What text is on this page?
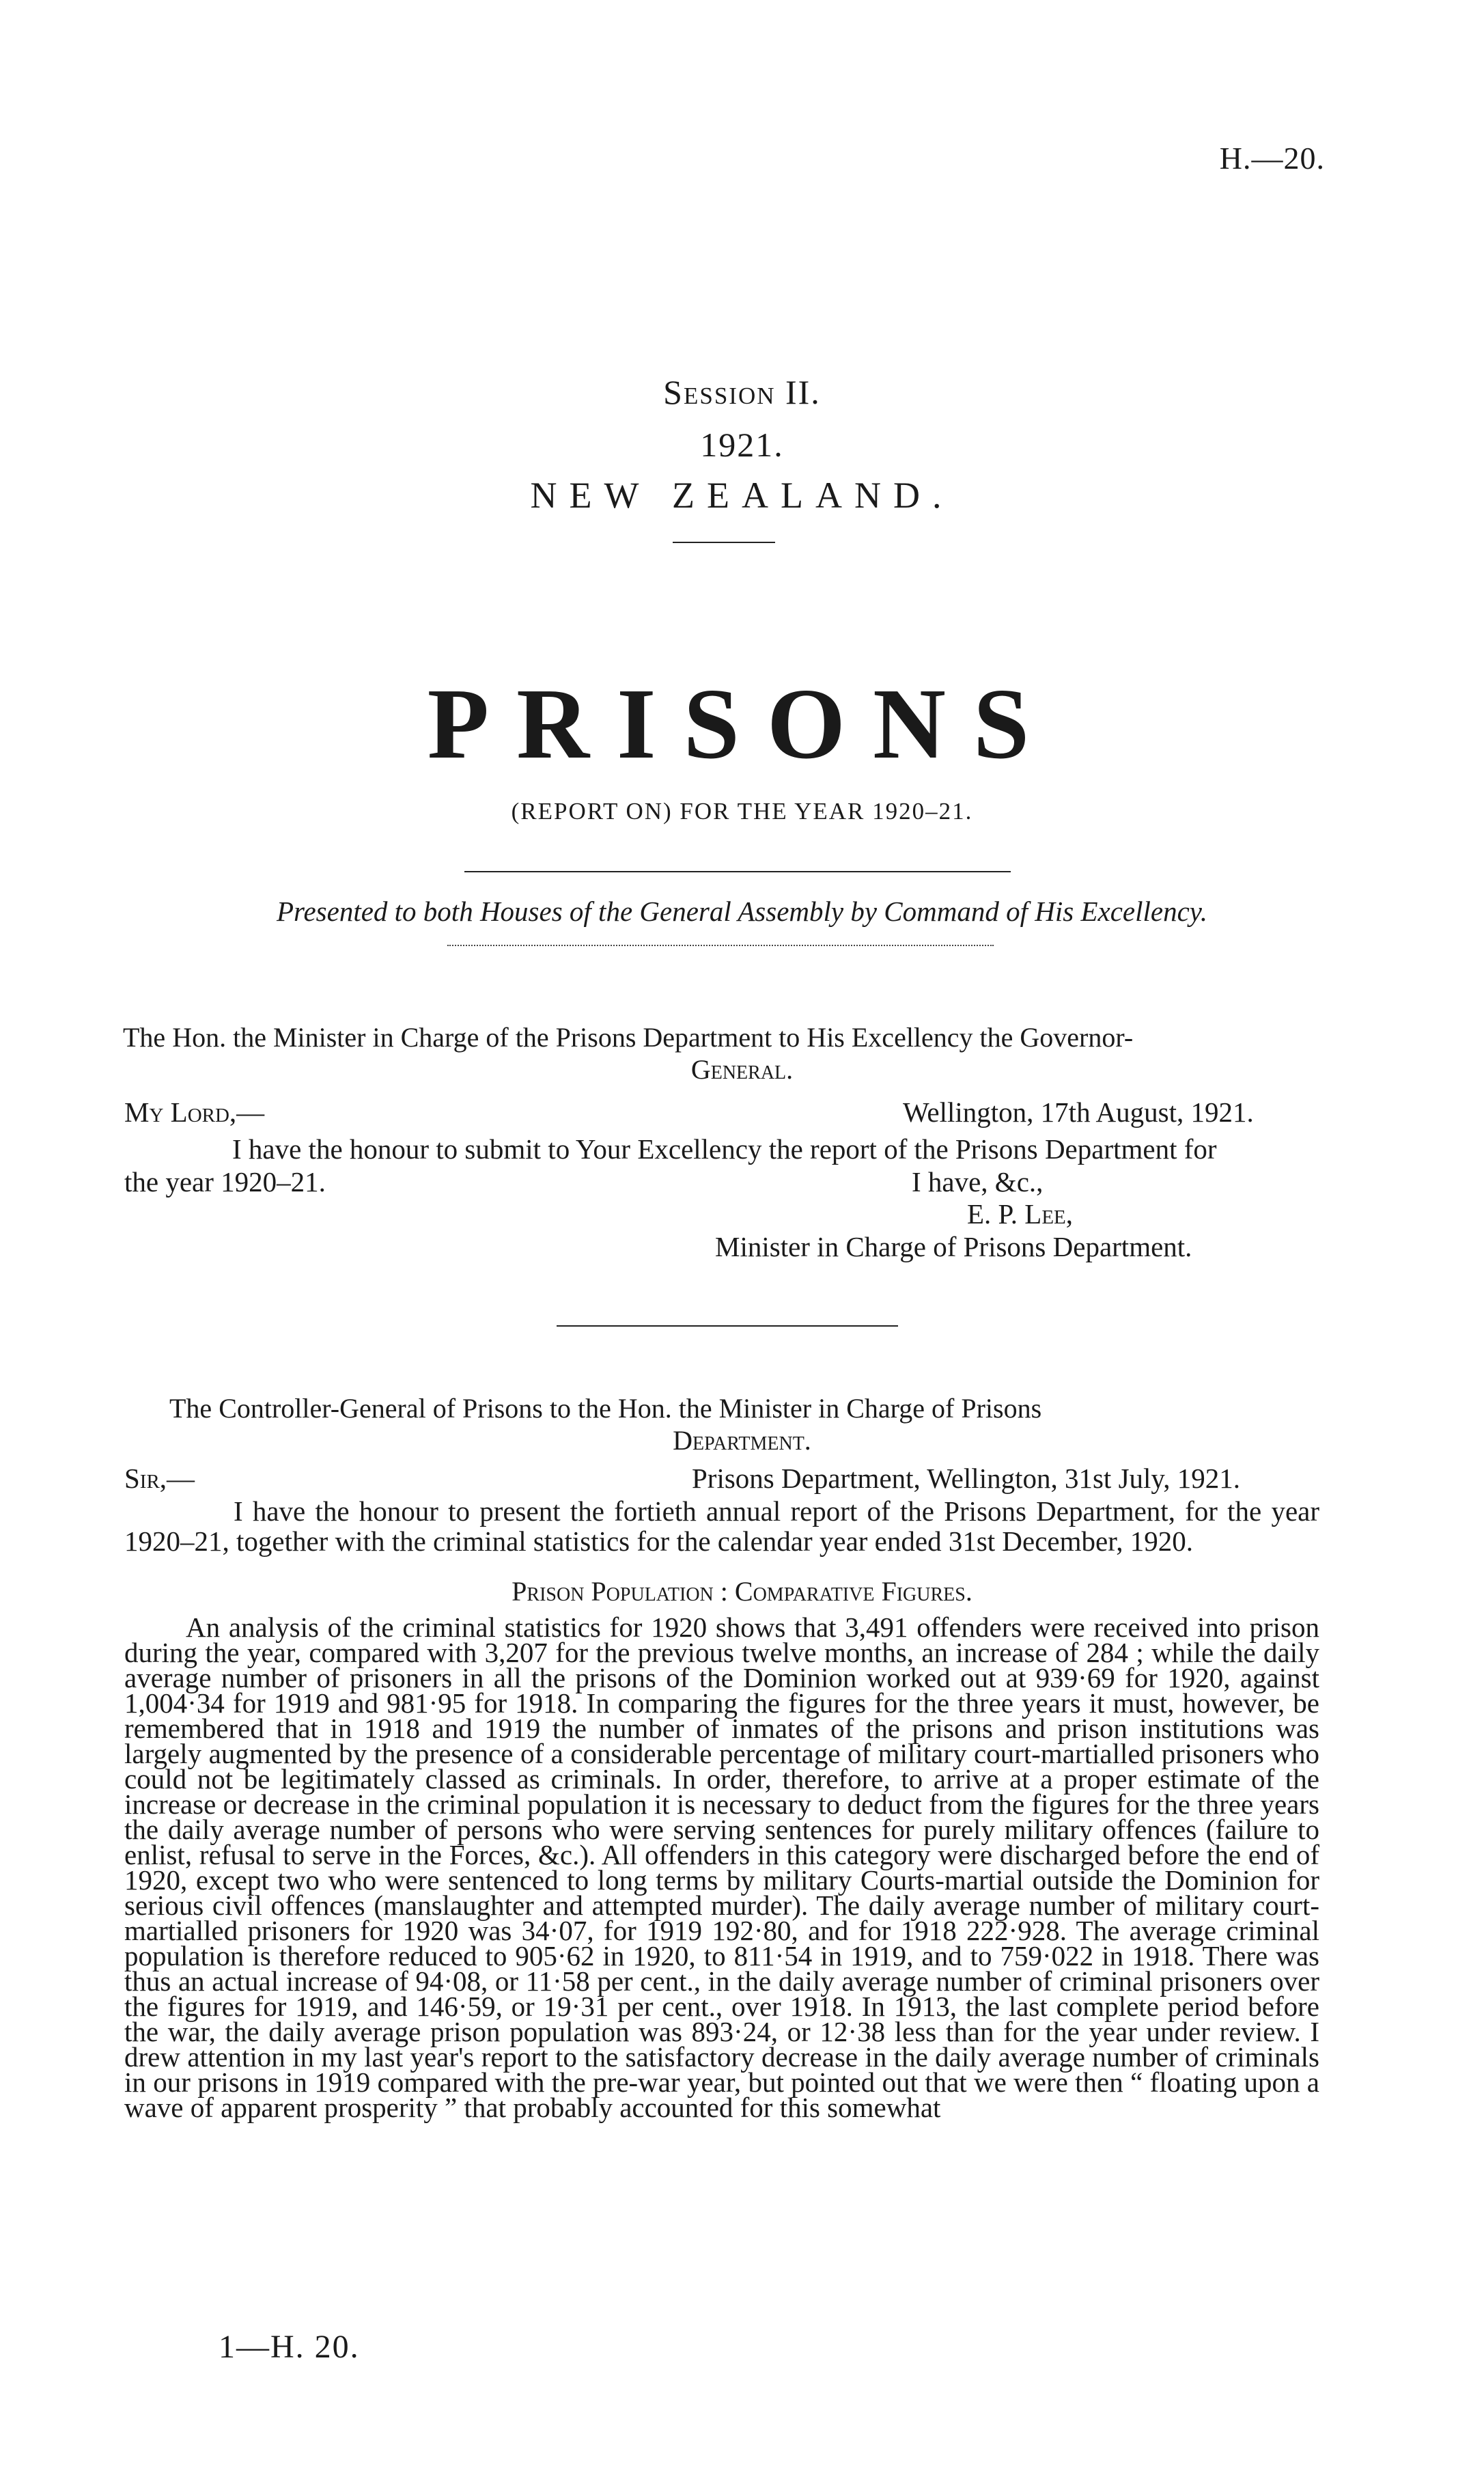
H.—20.
Session II.
1921.
NEW ZEALAND.
PRISONS
(REPORT ON) FOR THE YEAR 1920–21.
Presented to both Houses of the General Assembly by Command of His Excellency.
The Hon. the Minister in Charge of the Prisons Department to His Excellency the Governor-
General.
My Lord,—	Wellington, 17th August, 1921.
I have the honour to submit to Your Excellency the report of the Prisons Department for
the year 1920–21.	I have, &c.,
E. P. Lee,
Minister in Charge of Prisons Department.
The Controller-General of Prisons to the Hon. the Minister in Charge of Prisons
Department.
Sir,—	Prisons Department, Wellington, 31st July, 1921.

I have the honour to present the fortieth annual report of the Prisons Department, for the year 1920–21, together with the criminal statistics for the calendar year ended 31st December, 1920.

Prison Population : Comparative Figures.

An analysis of the criminal statistics for 1920 shows that 3,491 offenders were received into prison during the year, compared with 3,207 for the previous twelve months, an increase of 284 ; while the daily average number of prisoners in all the prisons of the Dominion worked out at 939·69 for 1920, against 1,004·34 for 1919 and 981·95 for 1918. In comparing the figures for the three years it must, however, be remembered that in 1918 and 1919 the number of inmates of the prisons and prison institutions was largely augmented by the presence of a considerable percentage of military court-martialled prisoners who could not be legitimately classed as criminals. In order, therefore, to arrive at a proper estimate of the increase or decrease in the criminal population it is necessary to deduct from the figures for the three years the daily average number of persons who were serving sentences for purely military offences (failure to enlist, refusal to serve in the Forces, &c.). All offenders in this category were discharged before the end of 1920, except two who were sentenced to long terms by military Courts-martial outside the Dominion for serious civil offences (manslaughter and attempted murder). The daily average number of military court-martialled prisoners for 1920 was 34·07, for 1919 192·80, and for 1918 222·928. The average criminal population is therefore reduced to 905·62 in 1920, to 811·54 in 1919, and to 759·022 in 1918. There was thus an actual increase of 94·08, or 11·58 per cent., in the daily average number of criminal prisoners over the figures for 1919, and 146·59, or 19·31 per cent., over 1918. In 1913, the last complete period before the war, the daily average prison population was 893·24, or 12·38 less than for the year under review. I drew attention in my last year's report to the satisfactory decrease in the daily average number of criminals in our prisons in 1919 compared with the pre-war year, but pointed out that we were then “ floating upon a wave of apparent prosperity ” that probably accounted for this somewhat

1—H. 20.
